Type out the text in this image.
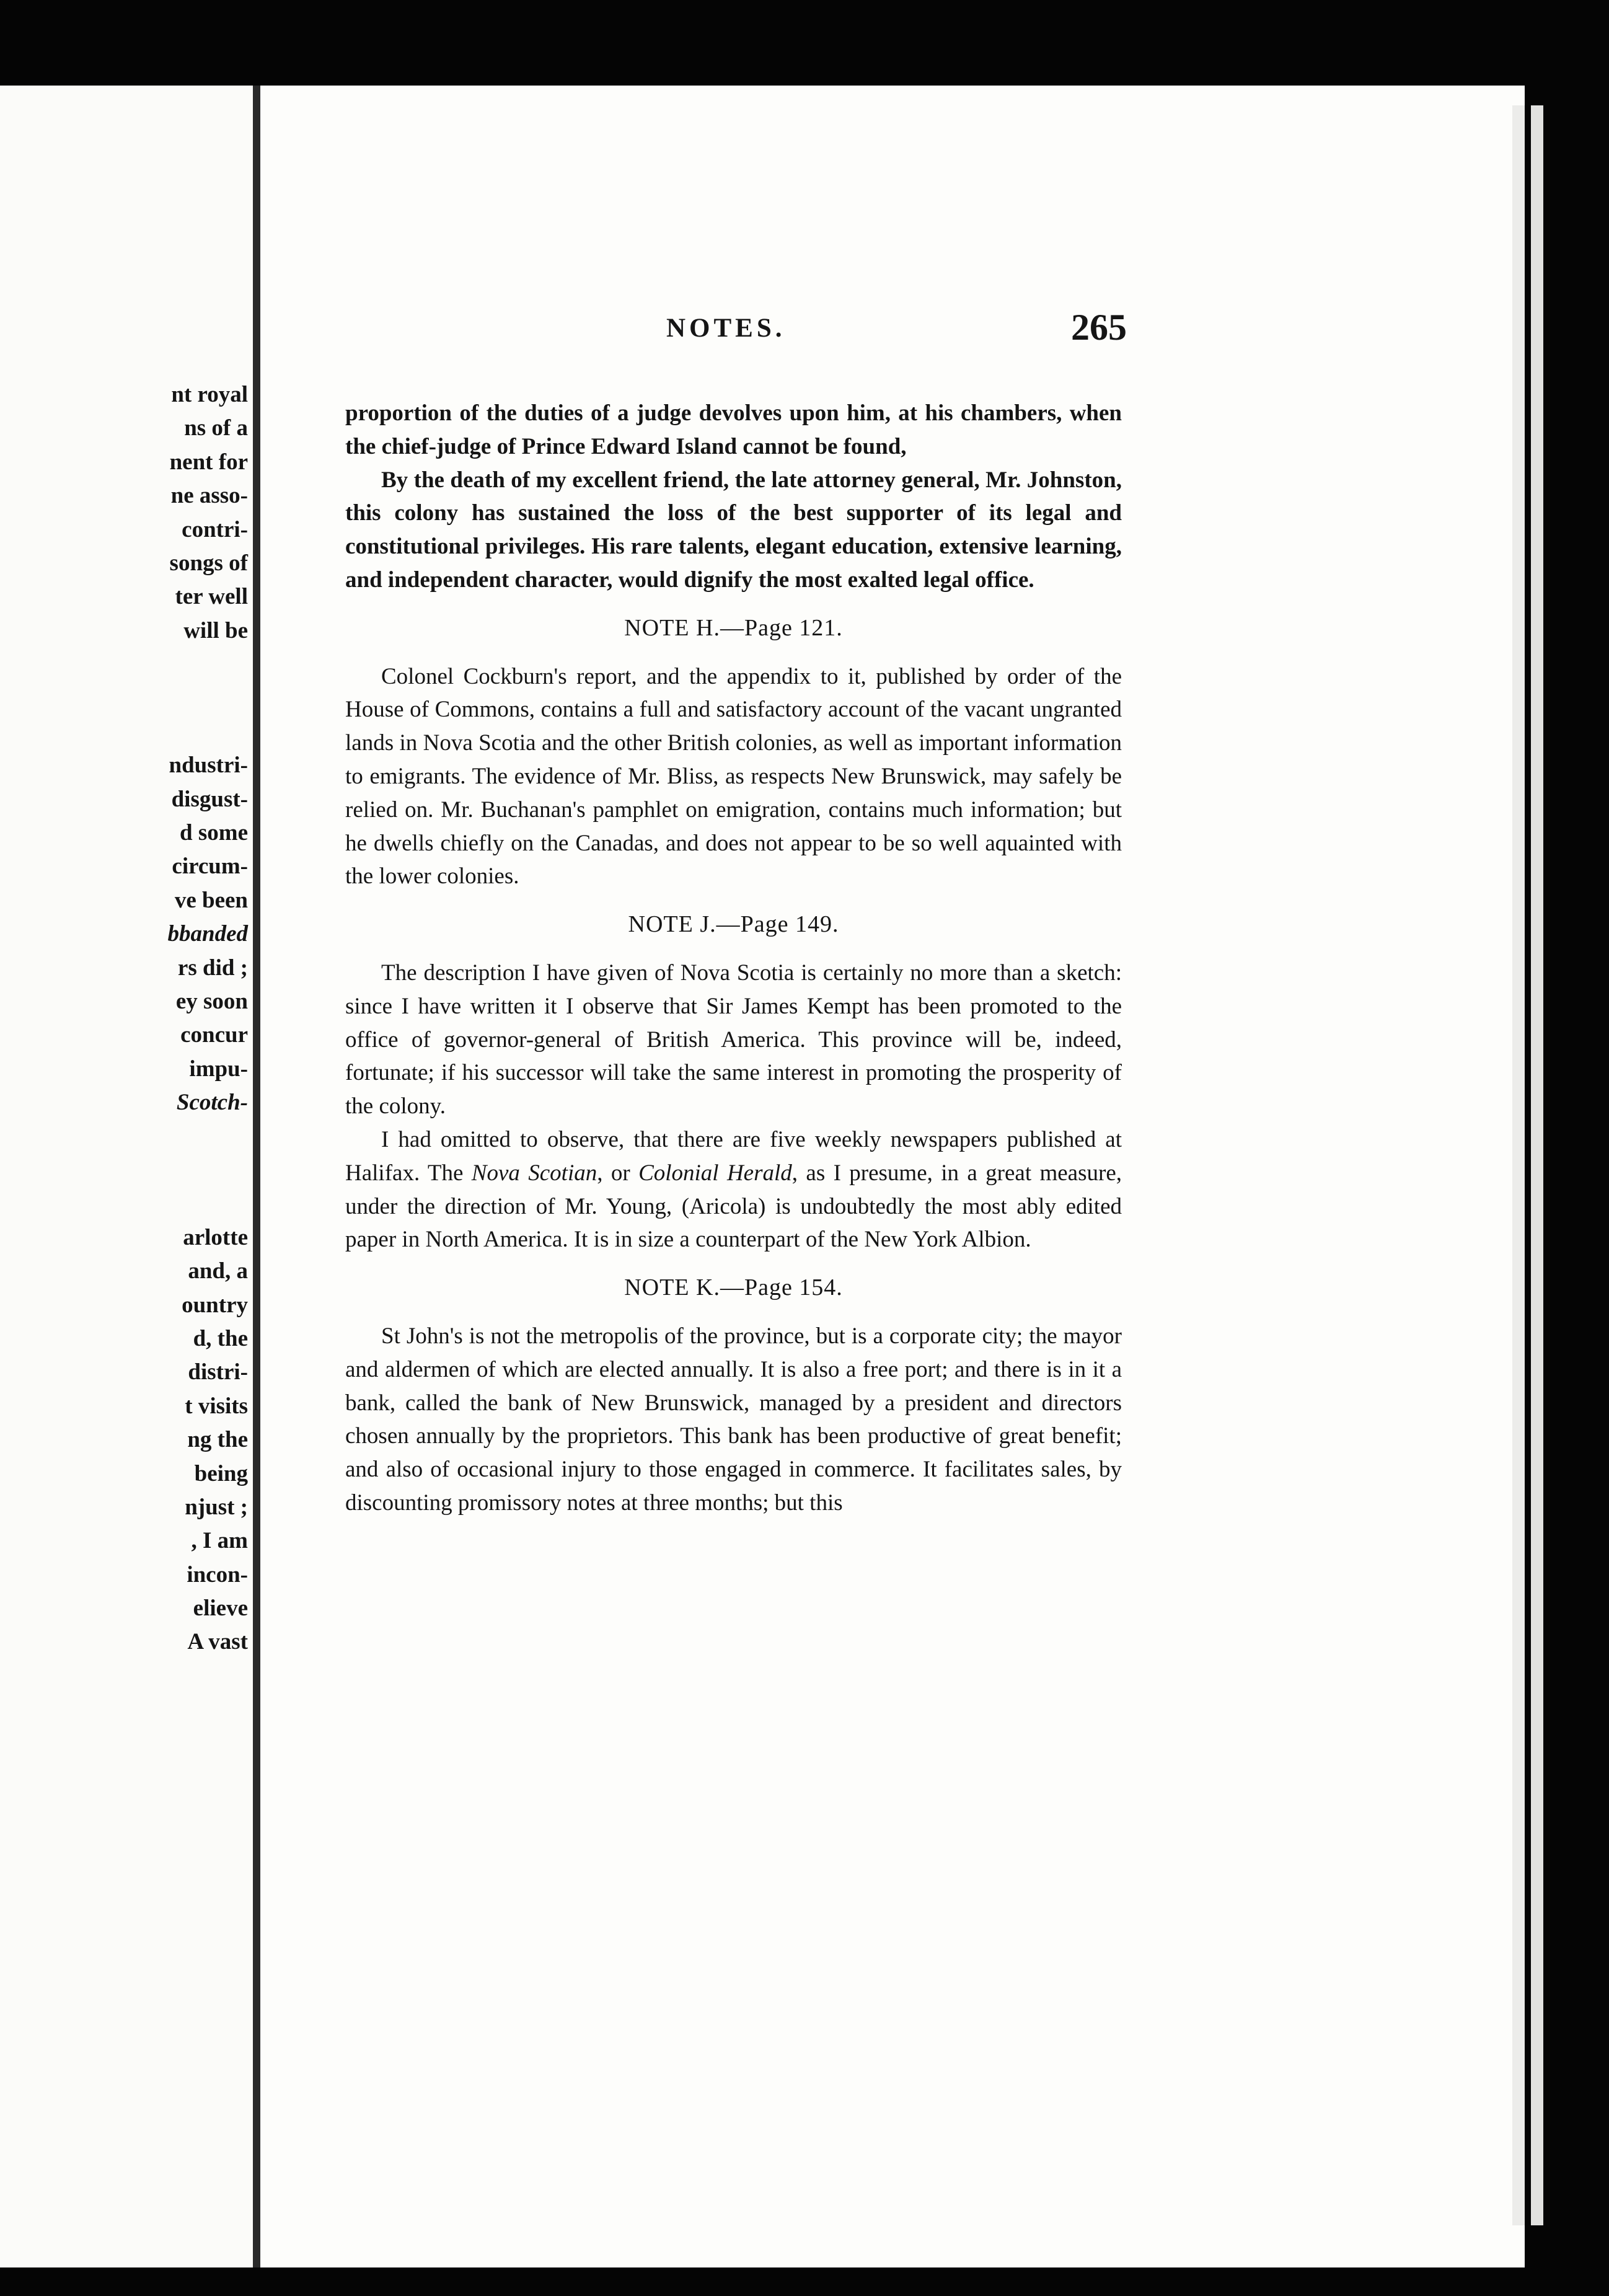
nt royal
ns of a
nent for
ne asso-
contri-
songs of
ter well
will be
ndustri-
disgust-
d some
circum-
ve been
bbanded
rs did ;
ey soon
concur
impu-
Scotch-
arlotte
and, a
ountry
d, the
distri-
t visits
ng the
being
njust ;
, I am
incon-
elieve
A vast
NOTES.	265

proportion of the duties of a judge devolves upon him, at his chambers, when the chief-judge of Prince Edward Island cannot be found,

By the death of my excellent friend, the late attorney general, Mr. Johnston, this colony has sustained the loss of the best supporter of its legal and constitutional privileges. His rare talents, elegant education, extensive learning, and independent character, would dignify the most exalted legal office.

NOTE H.—Page 121.

Colonel Cockburn's report, and the appendix to it, published by order of the House of Commons, contains a full and satisfactory account of the vacant ungranted lands in Nova Scotia and the other British colonies, as well as important information to emigrants. The evidence of Mr. Bliss, as respects New Brunswick, may safely be relied on. Mr. Buchanan's pamphlet on emigration, contains much information; but he dwells chiefly on the Canadas, and does not appear to be so well aquainted with the lower colonies.

NOTE J.—Page 149.

The description I have given of Nova Scotia is certainly no more than a sketch: since I have written it I observe that Sir James Kempt has been promoted to the office of governor-general of British America. This province will be, indeed, fortunate; if his successor will take the same interest in promoting the prosperity of the colony.

I had omitted to observe, that there are five weekly newspapers published at Halifax. The Nova Scotian, or Colonial Herald, as I presume, in a great measure, under the direction of Mr. Young, (Aricola) is undoubtedly the most ably edited paper in North America. It is in size a counterpart of the New York Albion.

NOTE K.—Page 154.

St John's is not the metropolis of the province, but is a corporate city; the mayor and aldermen of which are elected annually. It is also a free port; and there is in it a bank, called the bank of New Brunswick, managed by a president and directors chosen annually by the proprietors. This bank has been productive of great benefit; and also of occasional injury to those engaged in commerce. It facilitates sales, by discounting promissory notes at three months; but this
